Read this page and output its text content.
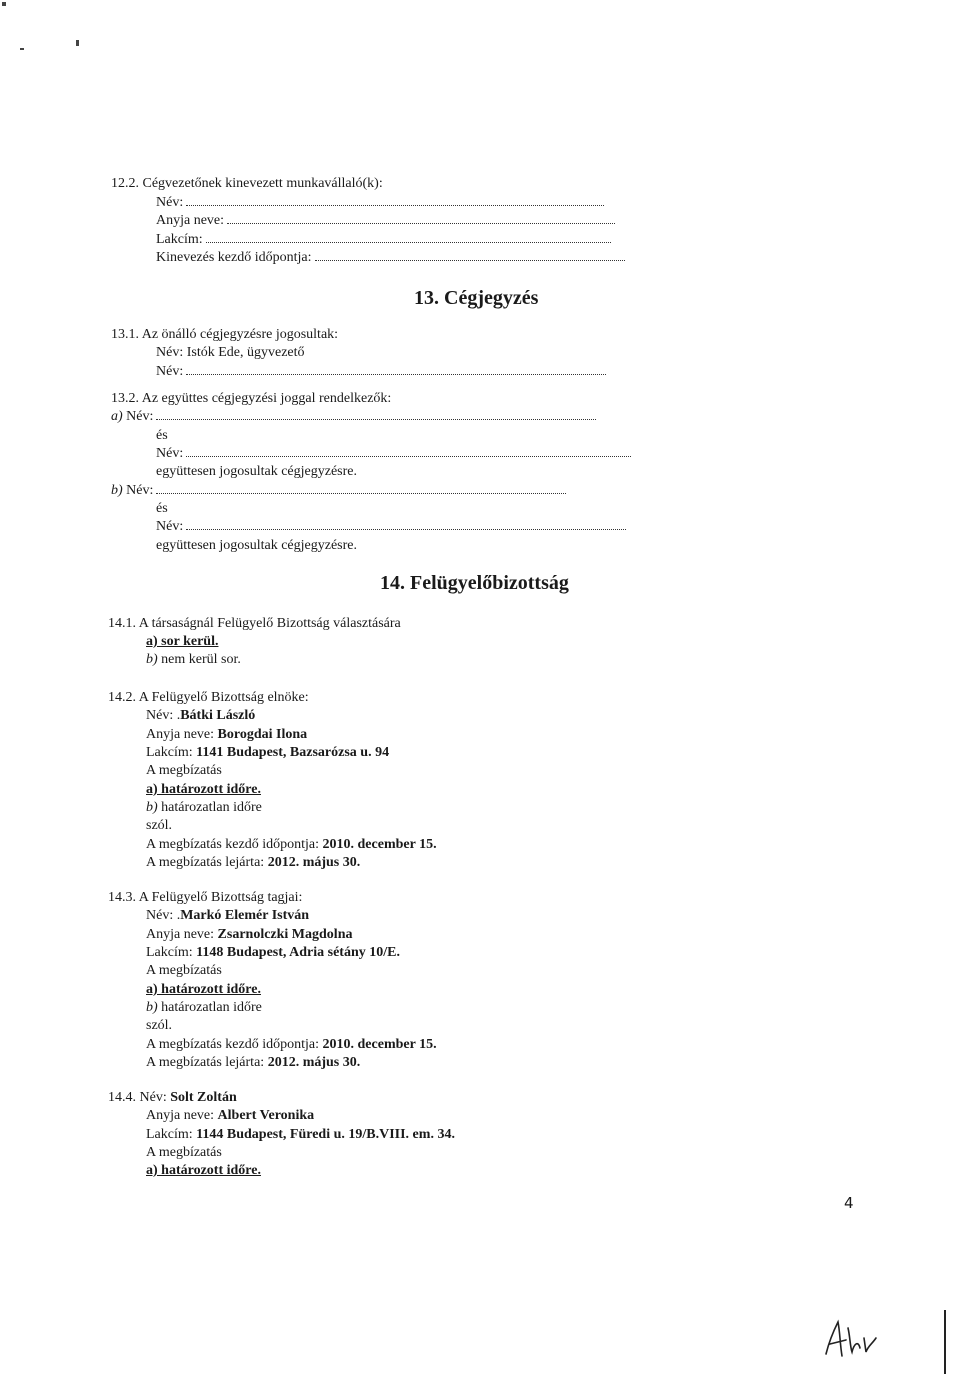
12.2. Cégvezetőnek kinevezett munkavállaló(k):
Név:
Anyja neve:
Lakcím:
Kinevezés kezdő időpontja:
13. Cégjegyzés
13.1. Az önálló cégjegyzésre jogosultak:
Név: Istók Ede, ügyvezető
Név:
13.2. Az együttes cégjegyzési joggal rendelkezők:
a) Név:
és
Név:
együttesen jogosultak cégjegyzésre.
b) Név:
és
Név:
együttesen jogosultak cégjegyzésre.
14. Felügyelőbizottság
14.1. A társaságnál Felügyelő Bizottság választására
a) sor kerül.
b) nem kerül sor.
14.2. A Felügyelő Bizottság elnöke:
Név: .Bátki László
Anyja neve: Borogdai Ilona
Lakcím: 1141 Budapest, Bazsarózsa u. 94
A megbízatás
a) határozott időre.
b) határozatlan időre
szól.
A megbízatás kezdő időpontja: 2010. december 15.
A megbízatás lejárta: 2012. május 30.
14.3. A Felügyelő Bizottság tagjai:
Név: .Markó Elemér István
Anyja neve: Zsarnolczki Magdolna
Lakcím: 1148 Budapest, Adria sétány 10/E.
A megbízatás
a) határozott időre.
b) határozatlan időre
szól.
A megbízatás kezdő időpontja: 2010. december 15.
A megbízatás lejárta: 2012. május 30.
14.4. Név: Solt Zoltán
Anyja neve: Albert Veronika
Lakcím: 1144 Budapest, Füredi u. 19/B.VIII. em. 34.
A megbízatás
a) határozott időre.
4
